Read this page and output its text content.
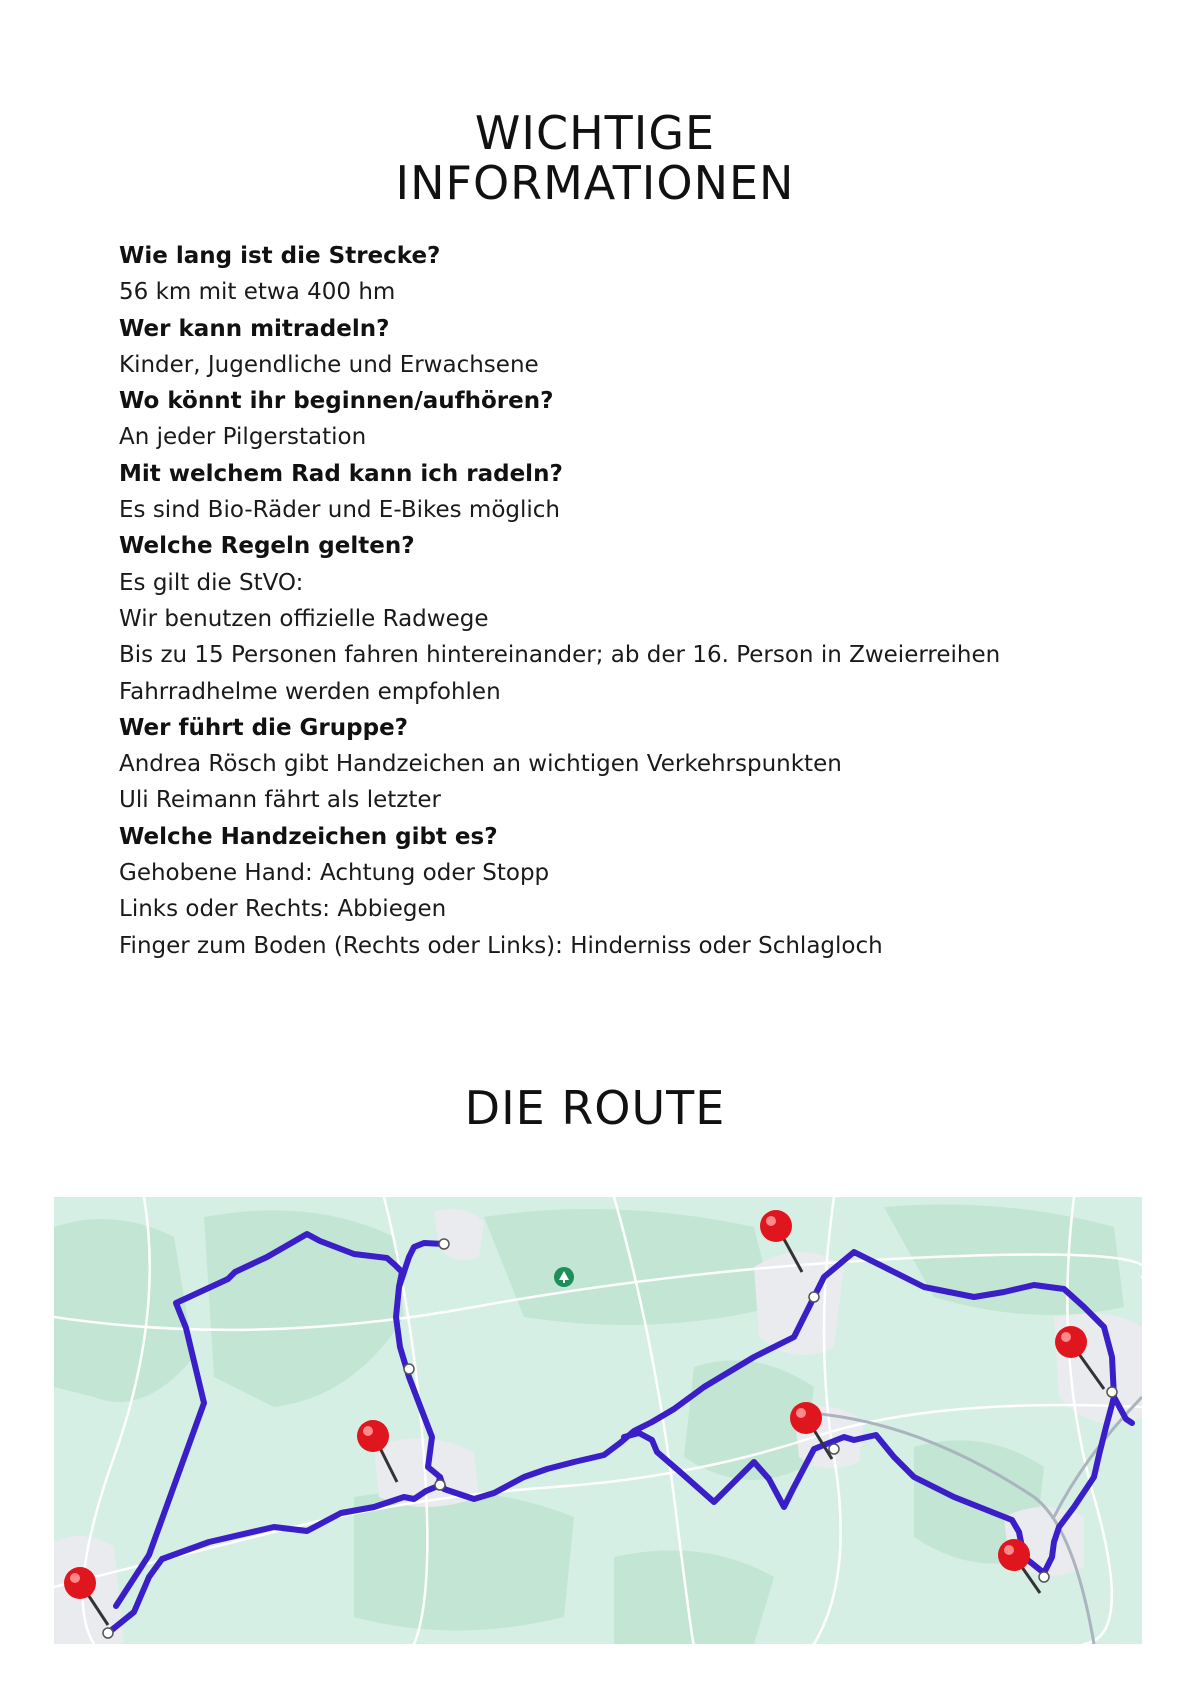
WICHTIGE
INFORMATIONEN

Wie lang ist die Strecke?

56 km mit etwa 400 hm

Wer kann mitradeln?

Kinder, Jugendliche und Erwachsene

Wo könnt ihr beginnen/aufhören?

An jeder Pilgerstation

Mit welchem Rad kann ich radeln?

Es sind Bio-Räder und E-Bikes möglich

Welche Regeln gelten?

Es gilt die StVO:

Wir benutzen offizielle Radwege

Bis zu 15 Personen fahren hintereinander; ab der 16. Person in Zweierreihen

Fahrradhelme werden empfohlen

Wer führt die Gruppe?

Andrea Rösch gibt Handzeichen an wichtigen Verkehrspunkten

Uli Reimann fährt als letzter

Welche Handzeichen gibt es?

Gehobene Hand: Achtung oder Stopp

Links oder Rechts: Abbiegen

Finger zum Boden (Rechts oder Links): Hinderniss oder Schlagloch

DIE ROUTE
